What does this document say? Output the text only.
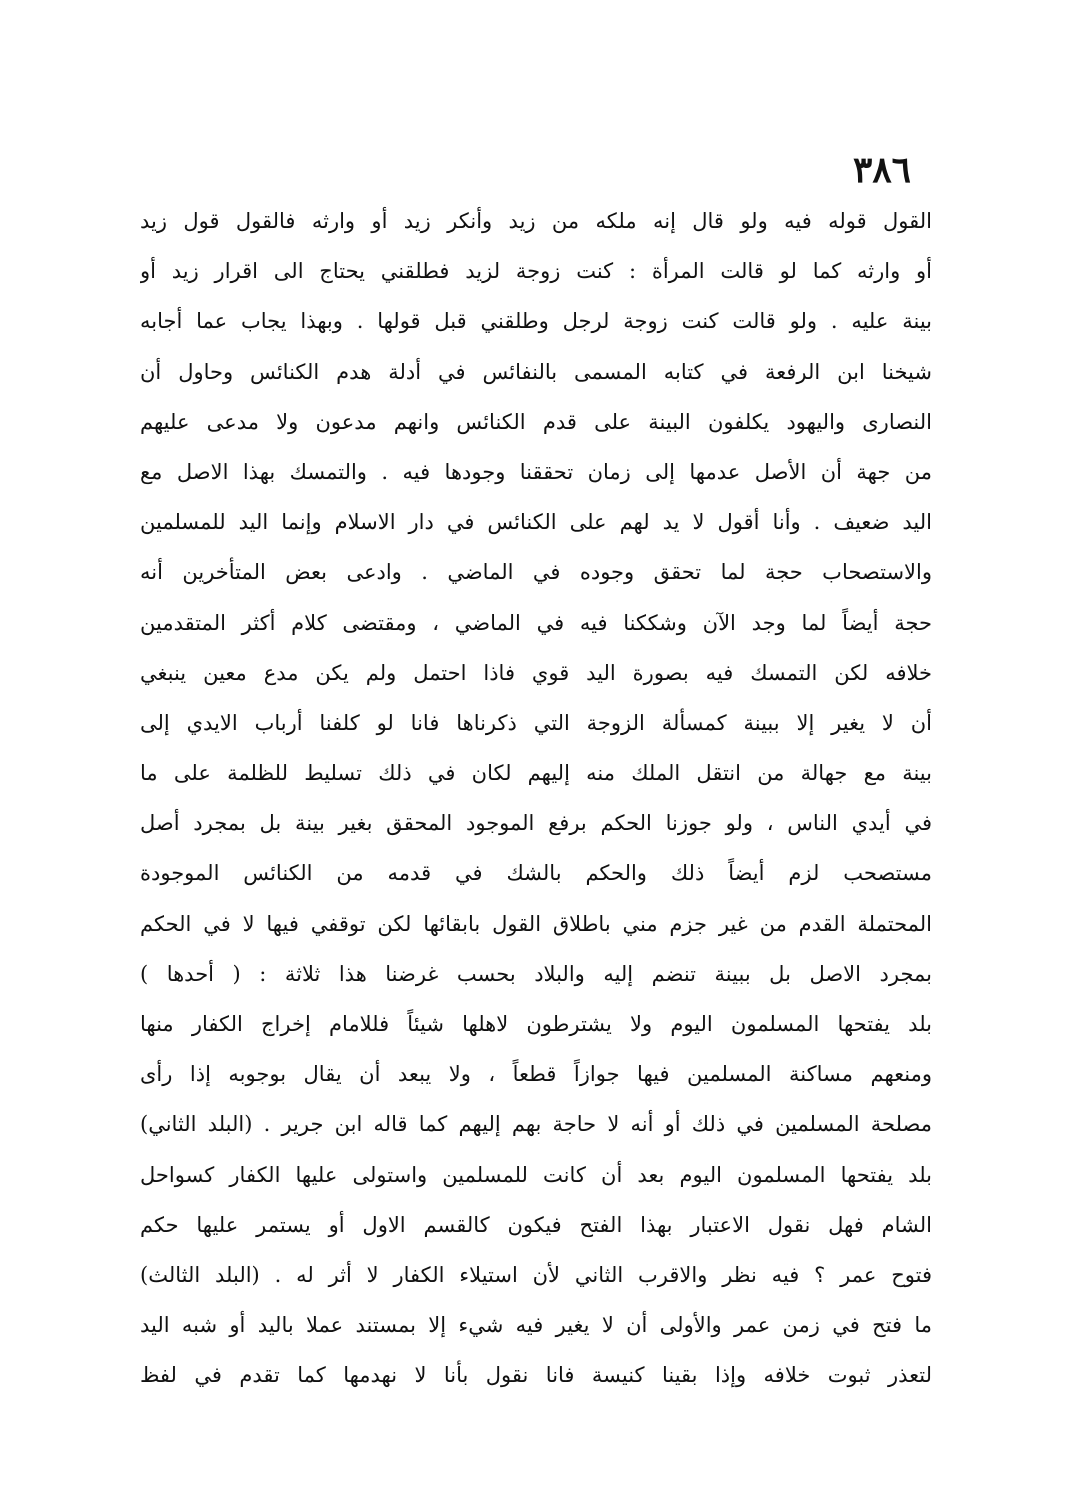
٣٨٦
القول قوله فيه ولو قال إنه ملكه من زيد وأنكر زيد أو وارثه فالقول قول زيد
أو وارثه كما لو قالت المرأة : كنت زوجة لزيد فطلقني يحتاج الى اقرار زيد أو
بينة عليه . ولو قالت كنت زوجة لرجل وطلقني قبل قولها . وبهذا يجاب عما أجابه
شيخنا ابن الرفعة في كتابه المسمى بالنفائس في أدلة هدم الكنائس وحاول أن
النصارى واليهود يكلفون البينة على قدم الكنائس وانهم مدعون ولا مدعى عليهم
من جهة أن الأصل عدمها إلى زمان تحققنا وجودها فيه . والتمسك بهذا الاصل مع
اليد ضعيف . وأنا أقول لا يد لهم على الكنائس في دار الاسلام وإنما اليد للمسلمين
والاستصحاب حجة لما تحقق وجوده في الماضي . وادعى بعض المتأخرين أنه
حجة أيضاً لما وجد الآن وشككنا فيه في الماضي ، ومقتضى كلام أكثر المتقدمين
خلافه لكن التمسك فيه بصورة اليد قوي فاذا احتمل ولم يكن مدع معين ينبغي
أن لا يغير إلا ببينة كمسألة الزوجة التي ذكرناها فانا لو كلفنا أرباب الايدي إلى
بينة مع جهالة من انتقل الملك منه إليهم لكان في ذلك تسليط للظلمة على ما
في أيدي الناس ، ولو جوزنا الحكم برفع الموجود المحقق بغير بينة بل بمجرد أصل
مستصحب لزم أيضاً ذلك والحكم بالشك في قدمه من الكنائس الموجودة
المحتملة القدم من غير جزم مني باطلاق القول بابقائها لكن توقفي فيها لا في الحكم
بمجرد الاصل بل ببينة تنضم إليه والبلاد بحسب غرضنا هذا ثلاثة : ( أحدها )
بلد يفتحها المسلمون اليوم ولا يشترطون لاهلها شيئاً فللامام إخراج الكفار منها
ومنعهم مساكنة المسلمين فيها جوازاً قطعاً ، ولا يبعد أن يقال بوجوبه إذا رأى
مصلحة المسلمين في ذلك أو أنه لا حاجة بهم إليهم كما قاله ابن جرير . (البلد الثاني)
بلد يفتحها المسلمون اليوم بعد أن كانت للمسلمين واستولى عليها الكفار كسواحل
الشام فهل نقول الاعتبار بهذا الفتح فيكون كالقسم الاول أو يستمر عليها حكم
فتوح عمر ؟ فيه نظر والاقرب الثاني لأن استيلاء الكفار لا أثر له . (البلد الثالث)
ما فتح في زمن عمر والأولى أن لا يغير فيه شيء إلا بمستند عملا باليد أو شبه اليد
لتعذر ثبوت خلافه وإذا بقينا كنيسة فانا نقول بأنا لا نهدمها كما تقدم في لفظ
